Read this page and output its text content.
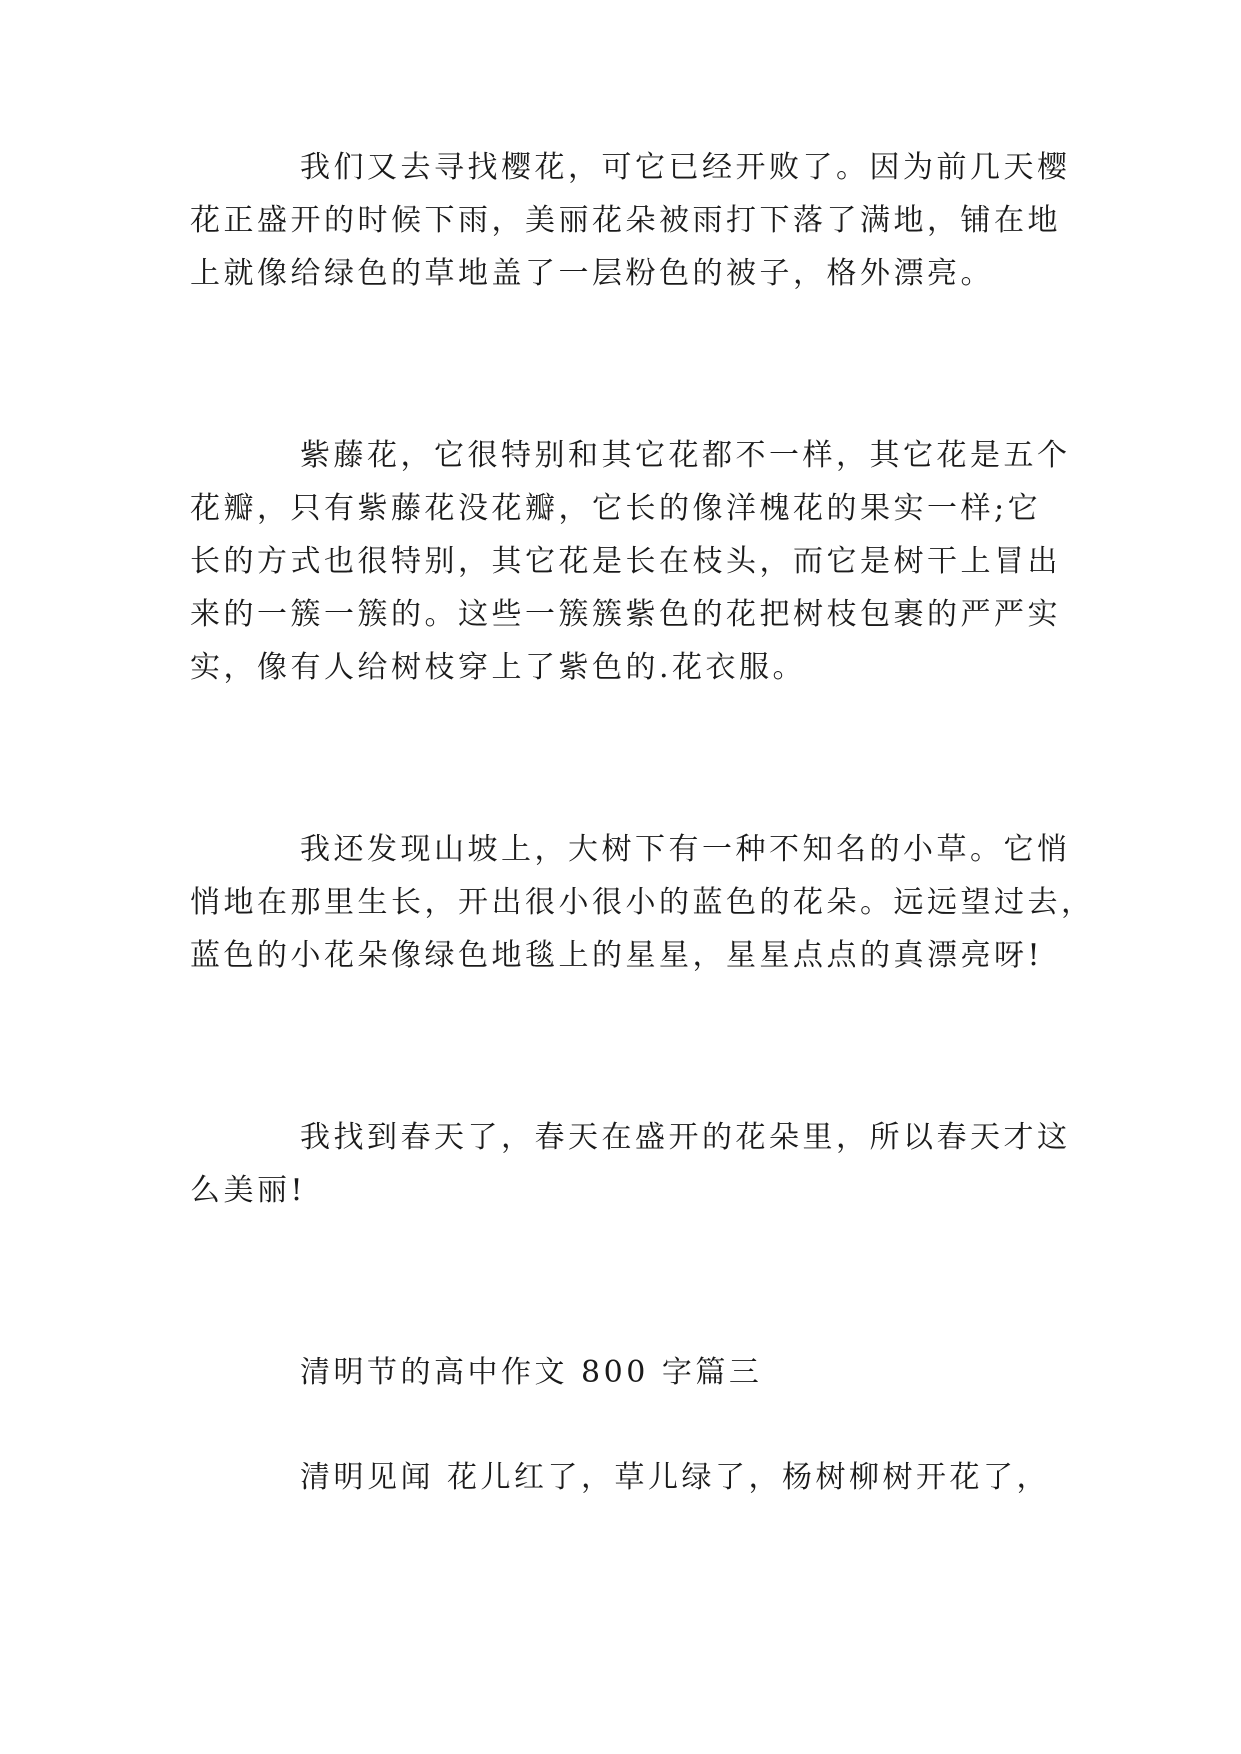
我们又去寻找樱花，可它已经开败了。因为前几天樱
花正盛开的时候下雨，美丽花朵被雨打下落了满地，铺在地
上就像给绿色的草地盖了一层粉色的被子，格外漂亮。
紫藤花，它很特别和其它花都不一样，其它花是五个
花瓣，只有紫藤花没花瓣，它长的像洋槐花的果实一样;它
长的方式也很特别，其它花是长在枝头，而它是树干上冒出
来的一簇一簇的。这些一簇簇紫色的花把树枝包裹的严严实
实，像有人给树枝穿上了紫色的.花衣服。
我还发现山坡上，大树下有一种不知名的小草。它悄
悄地在那里生长，开出很小很小的蓝色的花朵。远远望过去，
蓝色的小花朵像绿色地毯上的星星，星星点点的真漂亮呀!
我找到春天了，春天在盛开的花朵里，所以春天才这
么美丽!
清明节的高中作文 800 字篇三
清明见闻 花儿红了，草儿绿了，杨树柳树开花了，
